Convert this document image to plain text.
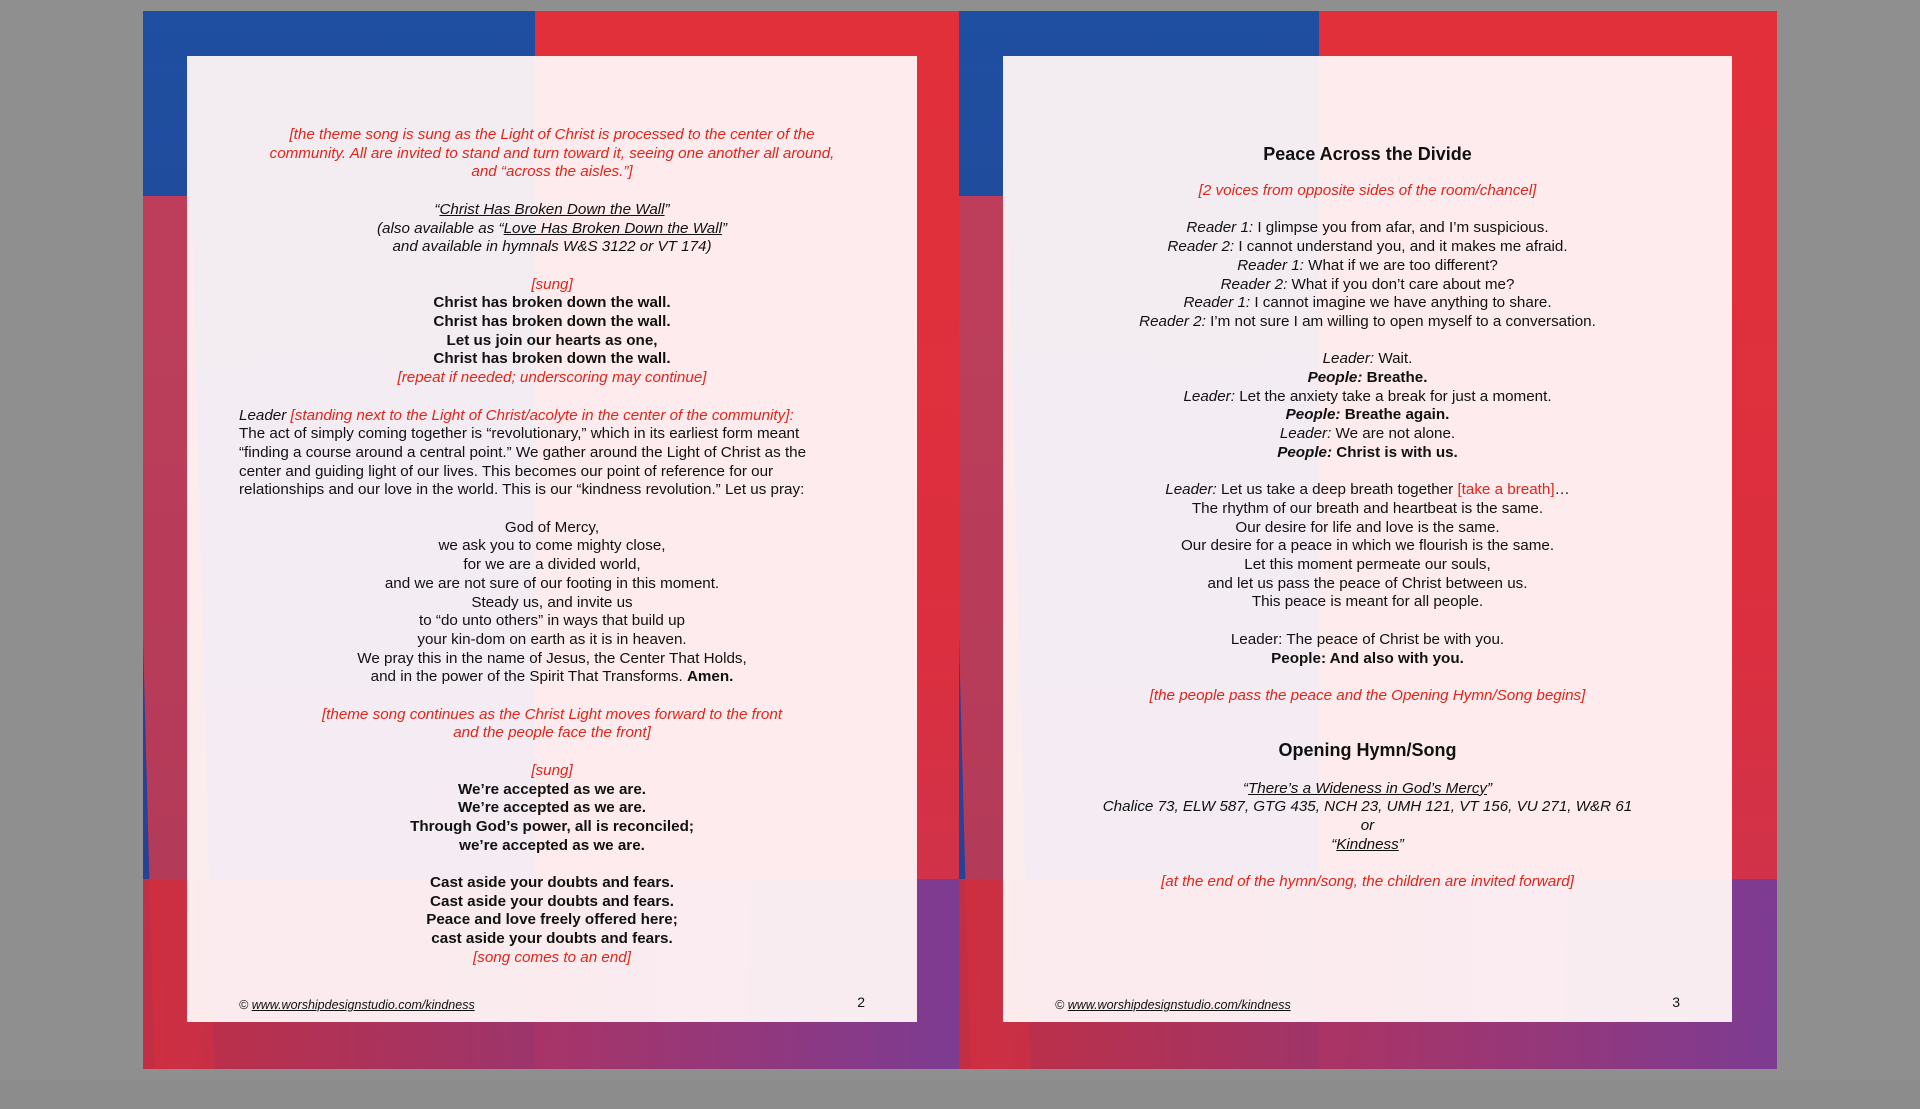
[the theme song is sung as the Light of Christ is processed to the center of the
community. All are invited to stand and turn toward it, seeing one another all around,
and “across the aisles.”]
“Christ Has Broken Down the Wall”
(also available as “Love Has Broken Down the Wall”
and available in hymnals W&S 3122 or VT 174)
[sung]
Christ has broken down the wall.
Christ has broken down the wall.
Let us join our hearts as one,
Christ has broken down the wall.
[repeat if needed; underscoring may continue]
Leader [standing next to the Light of Christ/acolyte in the center of the community]:
The act of simply coming together is “revolutionary,” which in its earliest form meant
“finding a course around a central point.” We gather around the Light of Christ as the
center and guiding light of our lives. This becomes our point of reference for our
relationships and our love in the world. This is our “kindness revolution.” Let us pray:
God of Mercy,
we ask you to come mighty close,
for we are a divided world,
and we are not sure of our footing in this moment.
Steady us, and invite us
to “do unto others” in ways that build up
your kin-dom on earth as it is in heaven.
We pray this in the name of Jesus, the Center That Holds,
and in the power of the Spirit That Transforms. Amen.
[theme song continues as the Christ Light moves forward to the front
and the people face the front]
[sung]
We’re accepted as we are.
We’re accepted as we are.
Through God’s power, all is reconciled;
we’re accepted as we are.
Cast aside your doubts and fears.
Cast aside your doubts and fears.
Peace and love freely offered here;
cast aside your doubts and fears.
[song comes to an end]
© www.worshipdesignstudio.com/kindness	2
Peace Across the Divide
[2 voices from opposite sides of the room/chancel]
Reader 1: I glimpse you from afar, and I’m suspicious.
Reader 2: I cannot understand you, and it makes me afraid.
Reader 1: What if we are too different?
Reader 2: What if you don’t care about me?
Reader 1: I cannot imagine we have anything to share.
Reader 2: I’m not sure I am willing to open myself to a conversation.
Leader: Wait.
People: Breathe.
Leader: Let the anxiety take a break for just a moment.
People: Breathe again.
Leader: We are not alone.
People: Christ is with us.
Leader: Let us take a deep breath together [take a breath]…
The rhythm of our breath and heartbeat is the same.
Our desire for life and love is the same.
Our desire for a peace in which we flourish is the same.
Let this moment permeate our souls,
and let us pass the peace of Christ between us.
This peace is meant for all people.
Leader: The peace of Christ be with you.
People: And also with you.
[the people pass the peace and the Opening Hymn/Song begins]
Opening Hymn/Song
“There’s a Wideness in God’s Mercy”
Chalice 73, ELW 587, GTG 435, NCH 23, UMH 121, VT 156, VU 271, W&R 61
or
“Kindness”
[at the end of the hymn/song, the children are invited forward]
© www.worshipdesignstudio.com/kindness	3
